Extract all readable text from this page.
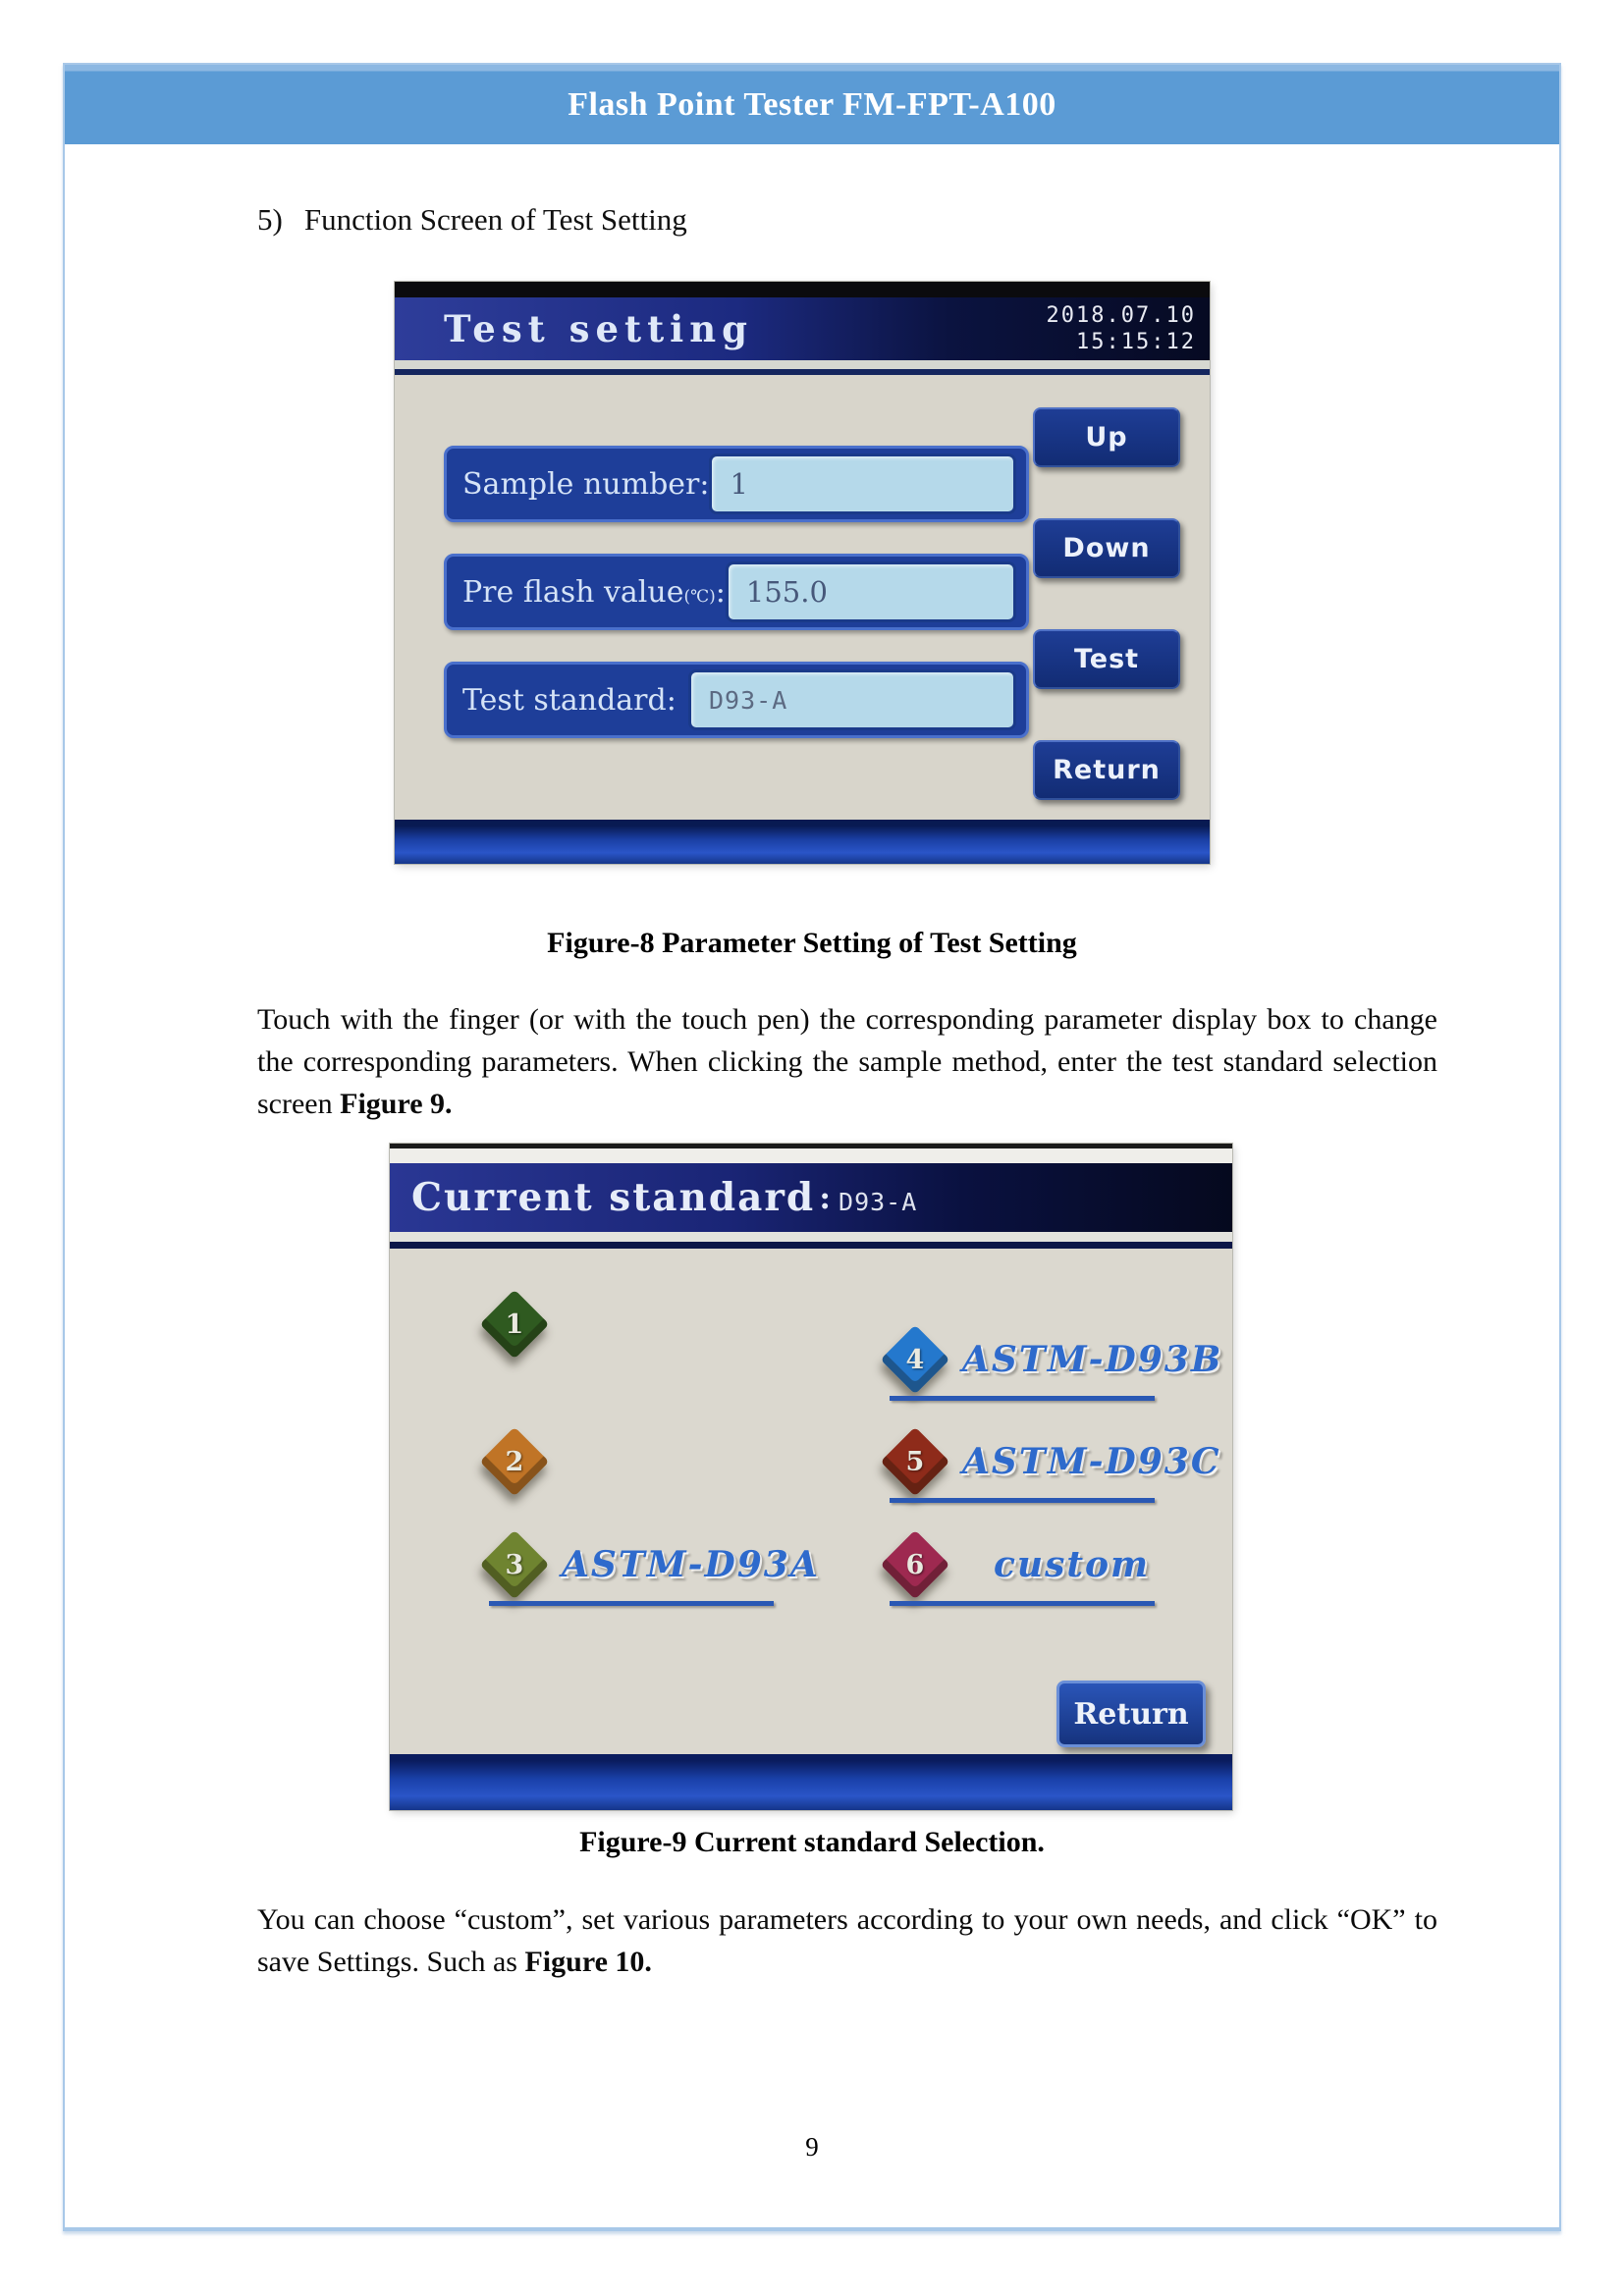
Flash Point Tester FM-FPT-A100
5) Function Screen of Test Setting
Test setting	2018.07.10
15:15:12
Sample number: 1
Pre flash value(℃): 155.0
Test standard:	D93-A
Up
Down
Test
Return
Figure-8 Parameter Setting of Test Setting

Touch with the finger (or with the touch pen) the corresponding parameter display box to change the corresponding parameters. When clicking the sample method, enter the test standard selection screen Figure 9.

Current standard : D93-A
1
4 ASTM-D93B
2	5 ASTM-D93C
3 ASTM-D93A	6 custom
Return
Figure-9 Current standard Selection.

You can choose “custom”, set various parameters according to your own needs, and click “OK” to save Settings. Such as Figure 10.

9
